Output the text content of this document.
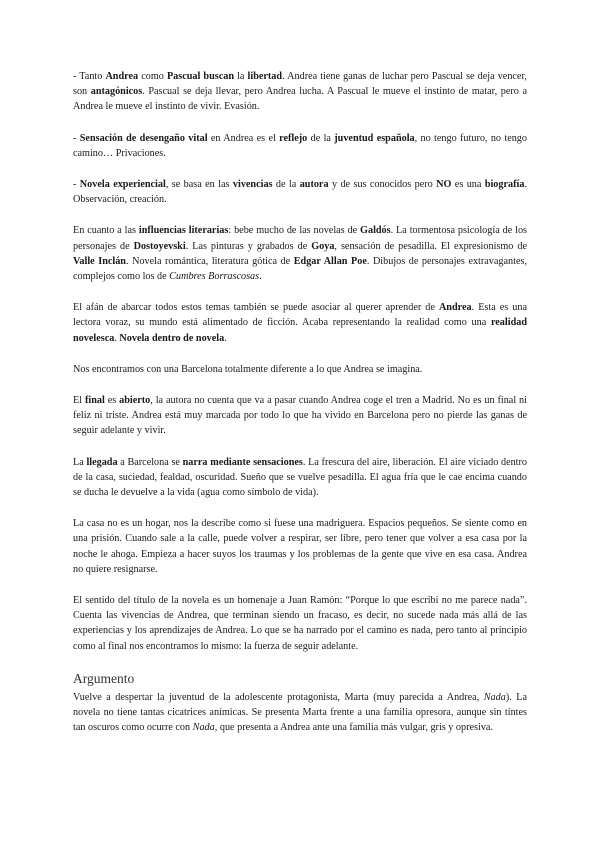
- Tanto Andrea como Pascual buscan la libertad. Andrea tiene ganas de luchar pero Pascual se deja vencer, son antagónicos. Pascual se deja llevar, pero Andrea lucha. A Pascual le mueve el instinto de matar, pero a Andrea le mueve el instinto de vivir. Evasión.

- Sensación de desengaño vital en Andrea es el reflejo de la juventud española, no tengo futuro, no tengo camino… Privaciones.

- Novela experiencial, se basa en las vivencias de la autora y de sus conocidos pero NO es una biografía. Observación, creación.

En cuanto a las influencias literarias: bebe mucho de las novelas de Galdós. La tormentosa psicología de los personajes de Dostoyevski. Las pinturas y grabados de Goya, sensación de pesadilla. El expresionismo de Valle Inclán. Novela romántica, literatura gótica de Edgar Allan Poe. Dibujos de personajes extravagantes, complejos como los de Cumbres Borrascosas.

El afán de abarcar todos estos temas también se puede asociar al querer aprender de Andrea. Esta es una lectora voraz, su mundo está alimentado de ficción. Acaba representando la realidad como una realidad novelesca. Novela dentro de novela.

Nos encontramos con una Barcelona totalmente diferente a lo que Andrea se imagina.

El final es abierto, la autora no cuenta que va a pasar cuando Andrea coge el tren a Madrid. No es un final ni feliz ni triste. Andrea está muy marcada por todo lo que ha vivido en Barcelona pero no pierde las ganas de seguir adelante y vivir.

La llegada a Barcelona se narra mediante sensaciones. La frescura del aire, liberación. El aire viciado dentro de la casa, suciedad, fealdad, oscuridad. Sueño que se vuelve pesadilla. El agua fría que le cae encima cuando se ducha le devuelve a la vida (agua como símbolo de vida).

La casa no es un hogar, nos la describe como si fuese una madriguera. Espacios pequeños. Se siente como en una prisión. Cuando sale a la calle, puede volver a respirar, ser libre, pero tener que volver a esa casa por la noche le ahoga. Empieza a hacer suyos los traumas y los problemas de la gente que vive en esa casa. Andrea no quiere resignarse.

El sentido del título de la novela es un homenaje a Juan Ramón: “Porque lo que escribí no me parece nada”. Cuenta las vivencias de Andrea, que terminan siendo un fracaso, es decir, no sucede nada más allá de las experiencias y los aprendizajes de Andrea. Lo que se ha narrado por el camino es nada, pero tanto al principio como al final nos encontramos lo mismo: la fuerza de seguir adelante.

Argumento

Vuelve a despertar la juventud de la adolescente protagonista, Marta (muy parecida a Andrea, Nada). La novela no tiene tantas cicatrices anímicas. Se presenta Marta frente a una familia opresora, aunque sin tintes tan oscuros como ocurre con Nada, que presenta a Andrea ante una familia más vulgar, gris y opresiva.
